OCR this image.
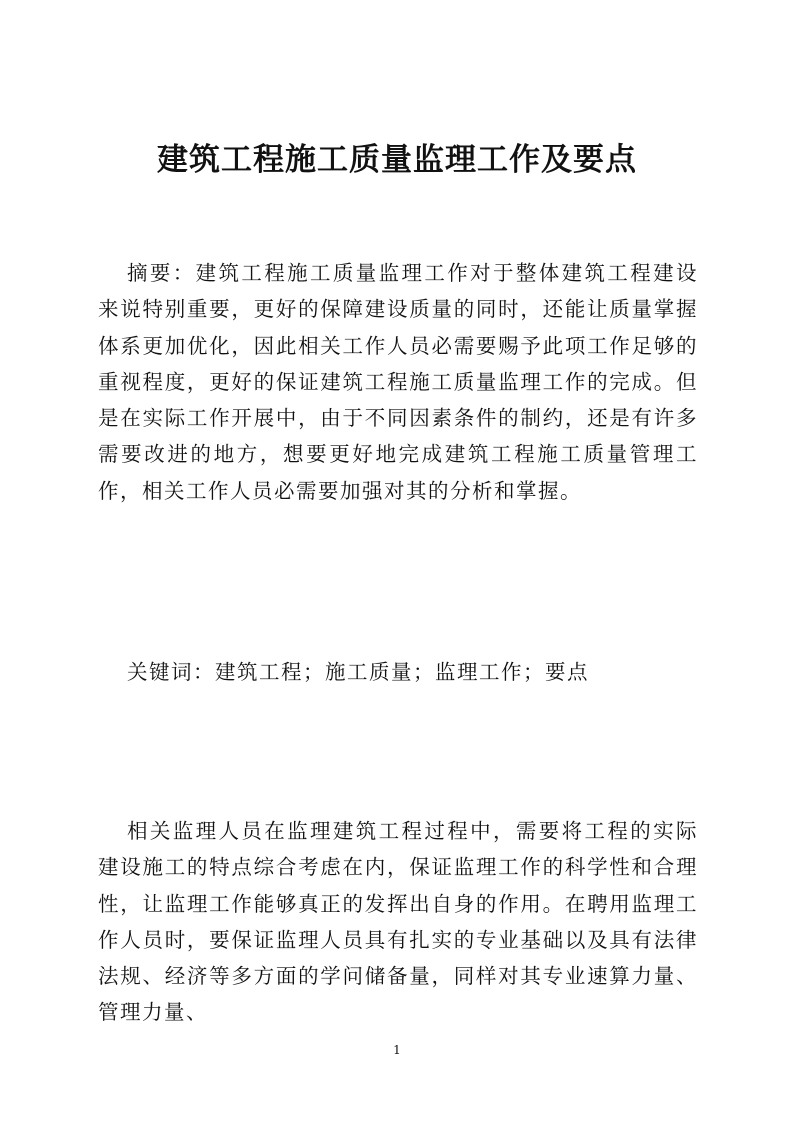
建筑工程施工质量监理工作及要点

摘要：建筑工程施工质量监理工作对于整体建筑工程建设来说特别重要，更好的保障建设质量的同时，还能让质量掌握体系更加优化，因此相关工作人员必需要赐予此项工作足够的重视程度，更好的保证建筑工程施工质量监理工作的完成。但是在实际工作开展中，由于不同因素条件的制约，还是有许多需要改进的地方，想要更好地完成建筑工程施工质量管理工作，相关工作人员必需要加强对其的分析和掌握。

关键词：建筑工程；施工质量；监理工作；要点

相关监理人员在监理建筑工程过程中，需要将工程的实际建设施工的特点综合考虑在内，保证监理工作的科学性和合理性，让监理工作能够真正的发挥出自身的作用。在聘用监理工作人员时，要保证监理人员具有扎实的专业基础以及具有法律法规、经济等多方面的学问储备量，同样对其专业速算力量、管理力量、

1
